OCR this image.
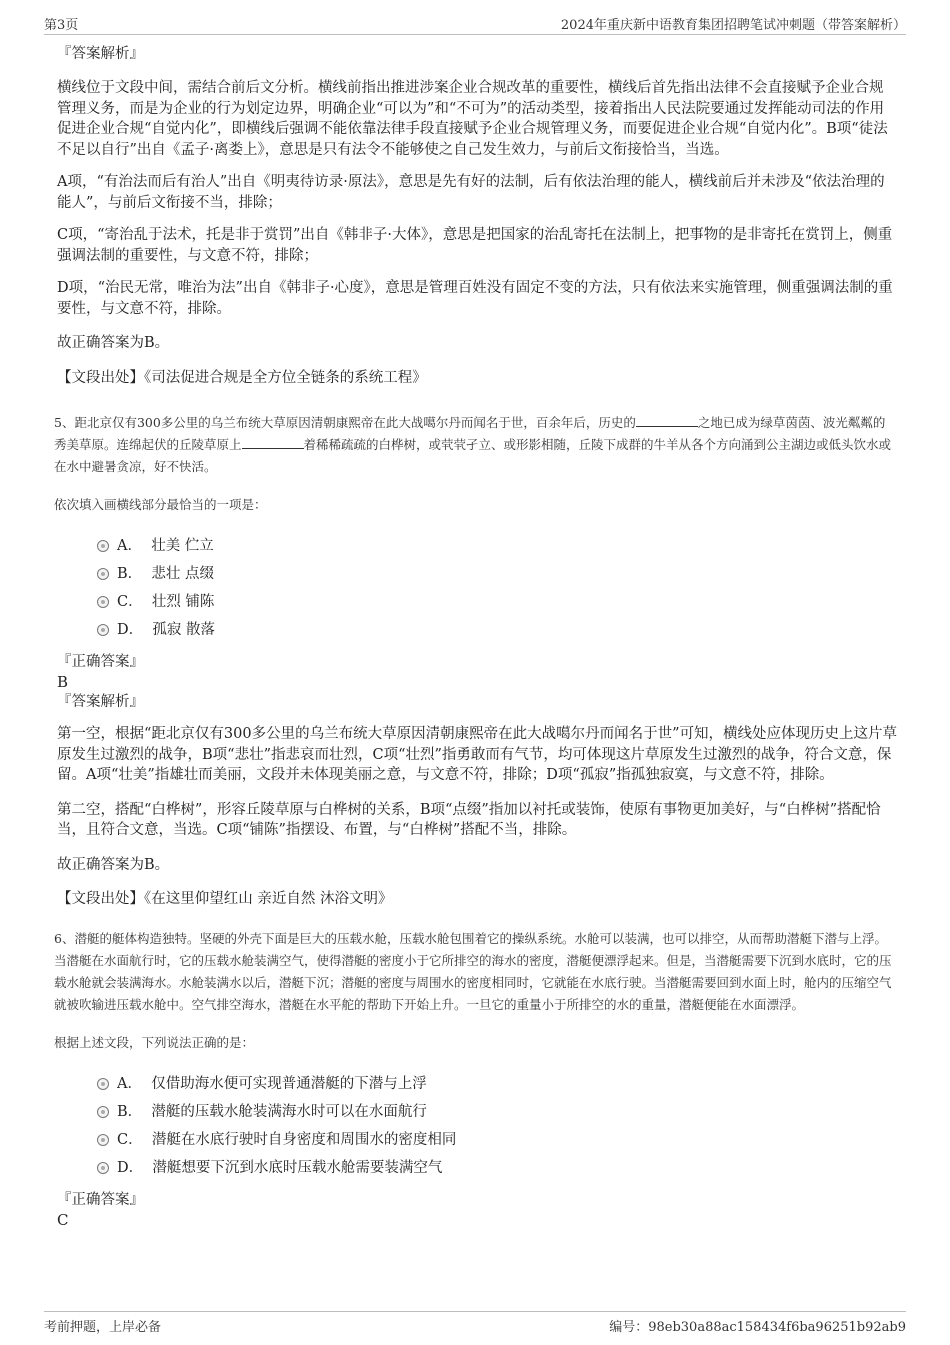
第3页	2024年重庆新中语教育集团招聘笔试冲刺题（带答案解析）
『答案解析』
横线位于文段中间，需结合前后文分析。横线前指出推进涉案企业合规改革的重要性，横线后首先指出法律不会直接赋予企业合规管理义务，而是为企业的行为划定边界，明确企业“可以为”和“不可为”的活动类型，接着指出人民法院要通过发挥能动司法的作用促进企业合规“自觉内化”，即横线后强调不能依靠法律手段直接赋予企业合规管理义务，而要促进企业合规“自觉内化”。B项“徒法不足以自行”出自《孟子·离娄上》，意思是只有法令不能够使之自己发生效力，与前后文衔接恰当，当选。
A项，“有治法而后有治人”出自《明夷待访录·原法》，意思是先有好的法制，后有依法治理的能人，横线前后并未涉及“依法治理的能人”，与前后文衔接不当，排除；
C项，“寄治乱于法术，托是非于赏罚”出自《韩非子·大体》，意思是把国家的治乱寄托在法制上，把事物的是非寄托在赏罚上，侧重强调法制的重要性，与文意不符，排除；
D项，“治民无常，唯治为法”出自《韩非子·心度》，意思是管理百姓没有固定不变的方法，只有依法来实施管理，侧重强调法制的重要性，与文意不符，排除。
故正确答案为B。
【文段出处】《司法促进合规是全方位全链条的系统工程》
5、距北京仅有300多公里的乌兰布统大草原因清朝康熙帝在此大战噶尔丹而闻名于世，百余年后，历史的	之地已成为绿草茵茵、波光粼粼的秀美草原。连绵起伏的丘陵草原上	着稀稀疏疏的白桦树，或茕茕孑立、或形影相随，丘陵下成群的牛羊从各个方向涌到公主湖边或低头饮水或在水中避暑贪凉，好不快活。
依次填入画横线部分最恰当的一项是：
A． 壮美 伫立
B． 悲壮 点缀
C． 壮烈 铺陈
D． 孤寂 散落
『正确答案』
B
『答案解析』
第一空，根据“距北京仅有300多公里的乌兰布统大草原因清朝康熙帝在此大战噶尔丹而闻名于世”可知，横线处应体现历史上这片草原发生过激烈的战争，B项“悲壮”指悲哀而壮烈，C项“壮烈”指勇敢而有气节，均可体现这片草原发生过激烈的战争，符合文意，保留。A项“壮美”指雄壮而美丽，文段并未体现美丽之意，与文意不符，排除；D项“孤寂”指孤独寂寞，与文意不符，排除。
第二空，搭配“白桦树”，形容丘陵草原与白桦树的关系，B项“点缀”指加以衬托或装饰，使原有事物更加美好，与“白桦树”搭配恰当，且符合文意，当选。C项“铺陈”指摆设、布置，与“白桦树”搭配不当，排除。
故正确答案为B。
【文段出处】《在这里仰望红山 亲近自然 沐浴文明》
6、潜艇的艇体构造独特。坚硬的外壳下面是巨大的压载水舱，压载水舱包围着它的操纵系统。水舱可以装满，也可以排空，从而帮助潜艇下潜与上浮。当潜艇在水面航行时，它的压载水舱装满空气，使得潜艇的密度小于它所排空的海水的密度，潜艇便漂浮起来。但是，当潜艇需要下沉到水底时，它的压载水舱就会装满海水。水舱装满水以后，潜艇下沉；潜艇的密度与周围水的密度相同时，它就能在水底行驶。当潜艇需要回到水面上时，舱内的压缩空气就被吹输进压载水舱中。空气排空海水，潜艇在水平舵的帮助下开始上升。一旦它的重量小于所排空的水的重量，潜艇便能在水面漂浮。
根据上述文段，下列说法正确的是：
A． 仅借助海水便可实现普通潜艇的下潜与上浮
B． 潜艇的压载水舱装满海水时可以在水面航行
C． 潜艇在水底行驶时自身密度和周围水的密度相同
D． 潜艇想要下沉到水底时压载水舱需要装满空气
『正确答案』
C
考前押题，上岸必备	编号：98eb30a88ac158434f6ba96251b92ab9
